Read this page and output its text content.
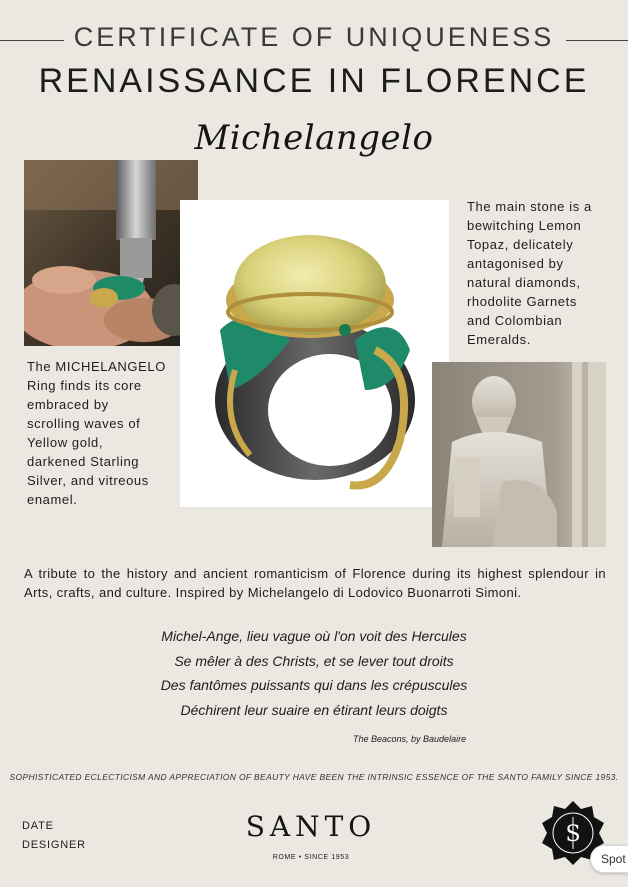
CERTIFICATE OF UNIQUENESS
RENAISSANCE IN FLORENCE
Michelangelo
The main stone is a
bewitching Lemon
Topaz, delicately
antagonised by
natural diamonds,
rhodolite Garnets
and Colombian
Emeralds.
The MICHELANGELO
Ring finds its core
embraced by
scrolling waves of
Yellow gold,
darkened Starling
Silver, and vitreous
enamel.
A tribute to the history and ancient romanticism of Florence during its highest splendour in Arts, crafts, and culture. Inspired by Michelangelo di Lodovico Buonarroti Simoni.
Michel-Ange, lieu vague où l'on voit des Hercules
Se mêler à des Christs, et se lever tout droits
Des fantômes puissants qui dans les crépuscules
Déchirent leur suaire en étirant leurs doigts
The Beacons, by Baudelaire
SOPHISTICATED ECLECTICISM AND APPRECIATION OF BEAUTY HAVE BEEN THE INTRINSIC ESSENCE OF THE SANTO FAMILY SINCE 1953.
DATE
DESIGNER
SANTO
ROME • SINCE 1953
S
Spot
